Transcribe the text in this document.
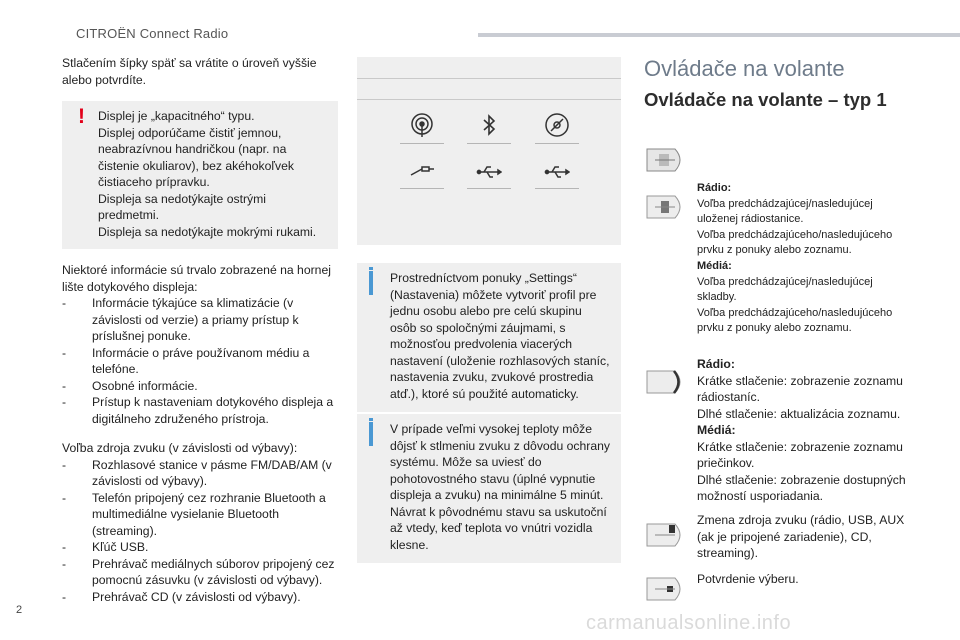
CITROËN Connect Radio

Stlačením šípky späť sa vrátite o úroveň vyššie alebo potvrdíte.

! Displej je „kapacitného“ typu.

Displej odporúčame čistiť jemnou, neabrazívnou handričkou (napr. na čistenie okuliarov), bez akéhokoľvek čistiaceho prípravku.

Displeja sa nedotýkajte ostrými predmetmi.

Displeja sa nedotýkajte mokrými rukami.

Niektoré informácie sú trvalo zobrazené na hornej lište dotykového displeja:

- Informácie týkajúce sa klimatizácie (v závislosti od verzie) a priamy prístup k príslušnej ponuke.
- Informácie o práve používanom médiu a telefóne.
- Osobné informácie.
- Prístup k nastaveniam dotykového displeja a digitálneho združeného prístroja.

Voľba zdroja zvuku (v závislosti od výbavy):

- Rozhlasové stanice v pásme FM/DAB/AM (v závislosti od výbavy).
- Telefón pripojený cez rozhranie Bluetooth a multimediálne vysielanie Bluetooth (streaming).
- Kľúč USB.
- Prehrávač mediálnych súborov pripojený cez pomocnú zásuvku (v závislosti od výbavy).
- Prehrávač CD (v závislosti od výbavy).

Prostredníctvom ponuky „Settings“ (Nastavenia) môžete vytvoriť profil pre jednu osobu alebo pre celú skupinu osôb so spoločnými záujmami, s možnosťou predvolenia viacerých nastavení (uloženie rozhlasových staníc, nastavenia zvuku, zvukové prostredia atď.), ktoré sú použité automaticky.

V prípade veľmi vysokej teploty môže dôjsť k stlmeniu zvuku z dôvodu ochrany systému. Môže sa uviesť do pohotovostného stavu (úplné vypnutie displeja a zvuku) na minimálne 5 minút. Návrat k pôvodnému stavu sa uskutoční až vtedy, keď teplota vo vnútri vozidla klesne.

Ovládače na volante
Ovládače na volante – typ 1

Rádio:

Voľba predchádzajúcej/nasledujúcej uloženej rádiostanice.

Voľba predchádzajúceho/nasledujúceho prvku z ponuky alebo zoznamu.

Médiá:

Voľba predchádzajúcej/nasledujúcej skladby.

Voľba predchádzajúceho/nasledujúceho prvku z ponuky alebo zoznamu.

Rádio:

Krátke stlačenie: zobrazenie zoznamu rádiostaníc.

Dlhé stlačenie: aktualizácia zoznamu.

Médiá:

Krátke stlačenie: zobrazenie zoznamu priečinkov.

Dlhé stlačenie: zobrazenie dostupných možností usporiadania.

Zmena zdroja zvuku (rádio, USB, AUX (ak je pripojené zariadenie), CD, streaming).
Potvrdenie výberu.
2
carmanualsonline.info
